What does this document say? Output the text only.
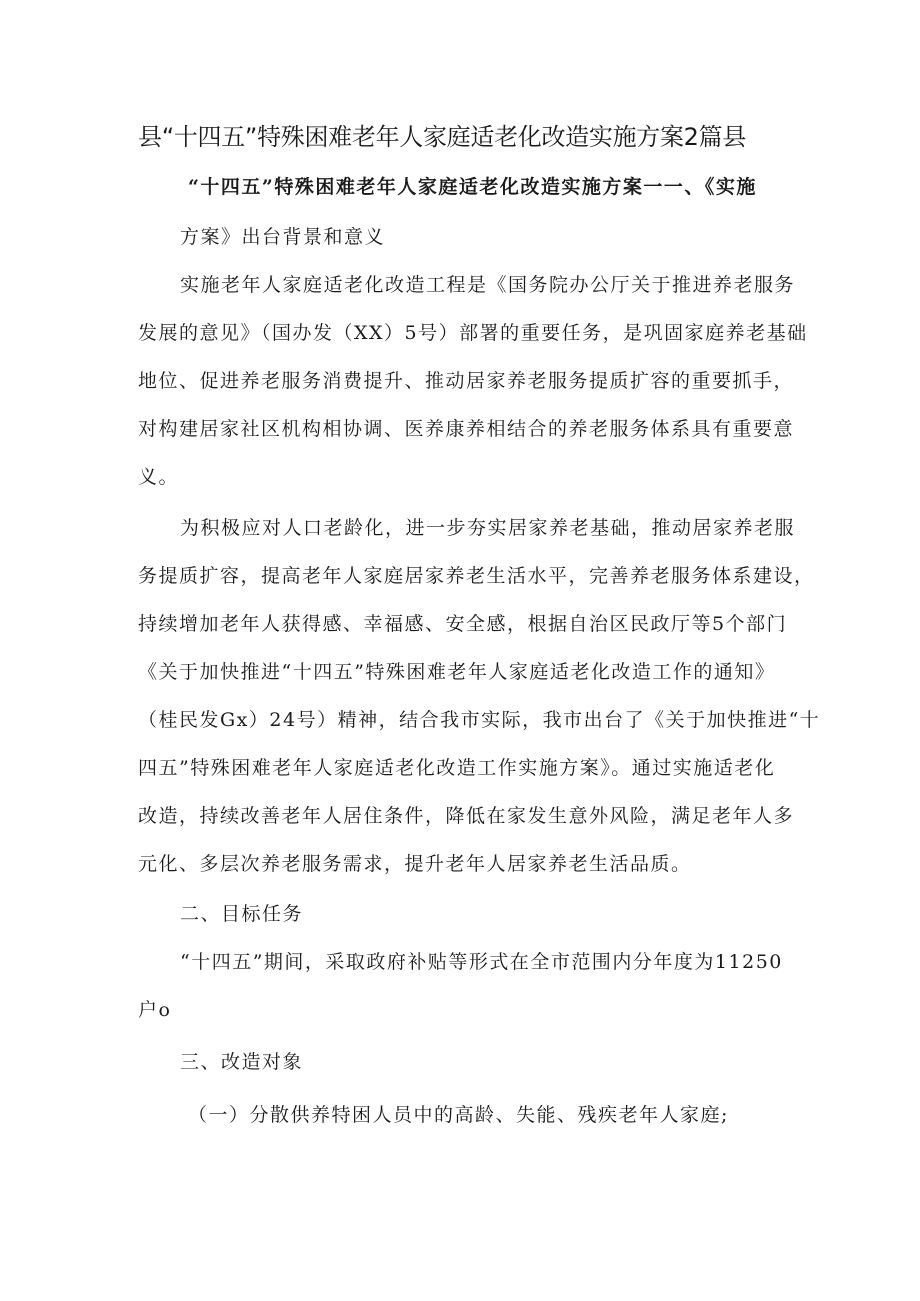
县“十四五”特殊困难老年人家庭适老化改造实施方案2篇县
“十四五”特殊困难老年人家庭适老化改造实施方案一一、《实施
方案》出台背景和意义
实施老年人家庭适老化改造工程是《国务院办公厅关于推进养老服务
发展的意见》（国办发（XX）5号）部署的重要任务，是巩固家庭养老基础
地位、促进养老服务消费提升、推动居家养老服务提质扩容的重要抓手，
对构建居家社区机构相协调、医养康养相结合的养老服务体系具有重要意
义。
为积极应对人口老龄化，进一步夯实居家养老基础，推动居家养老服
务提质扩容，提高老年人家庭居家养老生活水平，完善养老服务体系建设，
持续增加老年人获得感、幸福感、安全感，根据自治区民政厅等5个部门
《关于加快推进“十四五”特殊困难老年人家庭适老化改造工作的通知》
（桂民发Gx）24号）精神，结合我市实际，我市出台了《关于加快推进“十
四五”特殊困难老年人家庭适老化改造工作实施方案》。通过实施适老化
改造，持续改善老年人居住条件，降低在家发生意外风险，满足老年人多
元化、多层次养老服务需求，提升老年人居家养老生活品质。
二、目标任务
“十四五”期间，采取政府补贴等形式在全市范围内分年度为11250
户o
三、改造对象
（一）分散供养特困人员中的高龄、失能、残疾老年人家庭;
